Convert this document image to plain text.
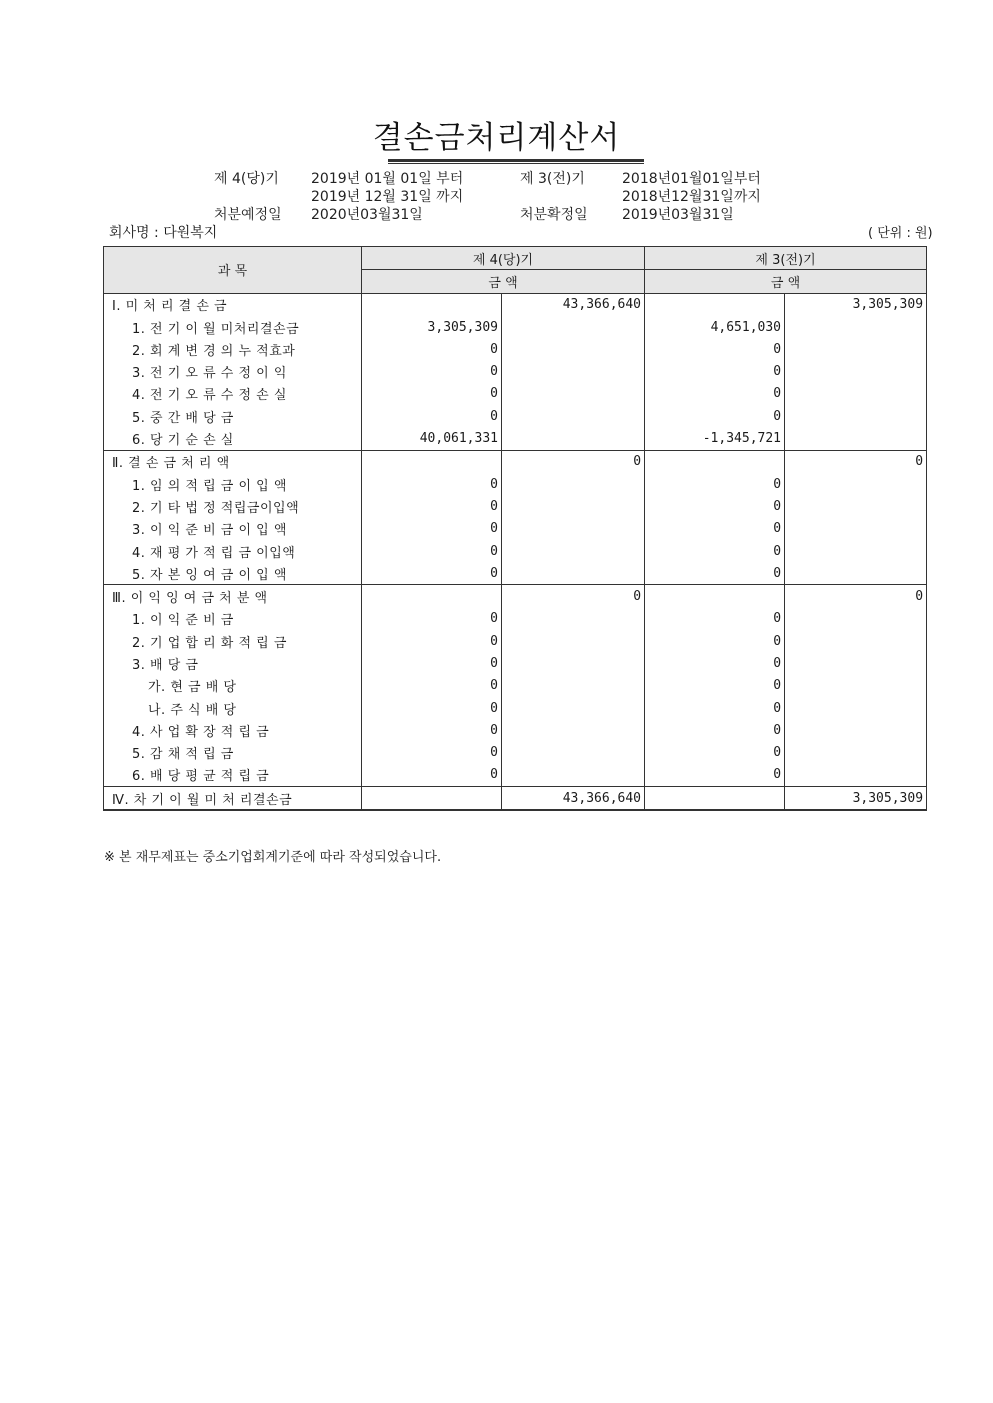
결손금처리계산서
제 4(당)기 2019년 01월 01일 부터
2019년 12월 31일 까지
처분예정일 2020년03월31일
제 3(전)기	2018년01월01일부터
2018년12월31일까지
처분확정일 2019년03월31일
회사명 : 다원복지	( 단위 : 원)
과 목	제 4(당)기		제 3(전)기	
	금 액		금 액	
Ⅰ. 미 처 리 결 손 금		43,366,640		3,305,309
1. 전 기 이 월 미처리결손금	3,305,309		4,651,030	
2. 회 계 변 경 의 누 적효과	0		0	
3. 전 기 오 류 수 정 이 익	0		0	
4. 전 기 오 류 수 정 손 실	0		0	
5. 중 간 배 당 금	0		0	
6. 당 기 순 손 실	40,061,331		-1,345,721	
Ⅱ. 결 손 금 처 리 액		0		0
1. 임 의 적 립 금 이 입 액	0		0	
2. 기 타 법 정 적립금이입액	0		0	
3. 이 익 준 비 금 이 입 액	0		0	
4. 재 평 가 적 립 금 이입액	0		0	
5. 자 본 잉 여 금 이 입 액	0		0	
Ⅲ. 이 익 잉 여 금 처 분 액		0		0
1. 이 익 준 비 금	0		0	
2. 기 업 합 리 화 적 립 금	0		0	
3. 배 당 금	0		0	
가. 현 금 배 당	0		0	
나. 주 식 배 당	0		0	
4. 사 업 확 장 적 립 금	0		0	
5. 감 채 적 립 금	0		0	
6. 배 당 평 균 적 립 금	0		0	
Ⅳ. 차 기 이 월 미 처 리결손금		43,366,640		3,305,309
※ 본 재무제표는 중소기업회계기준에 따라 작성되었습니다.
